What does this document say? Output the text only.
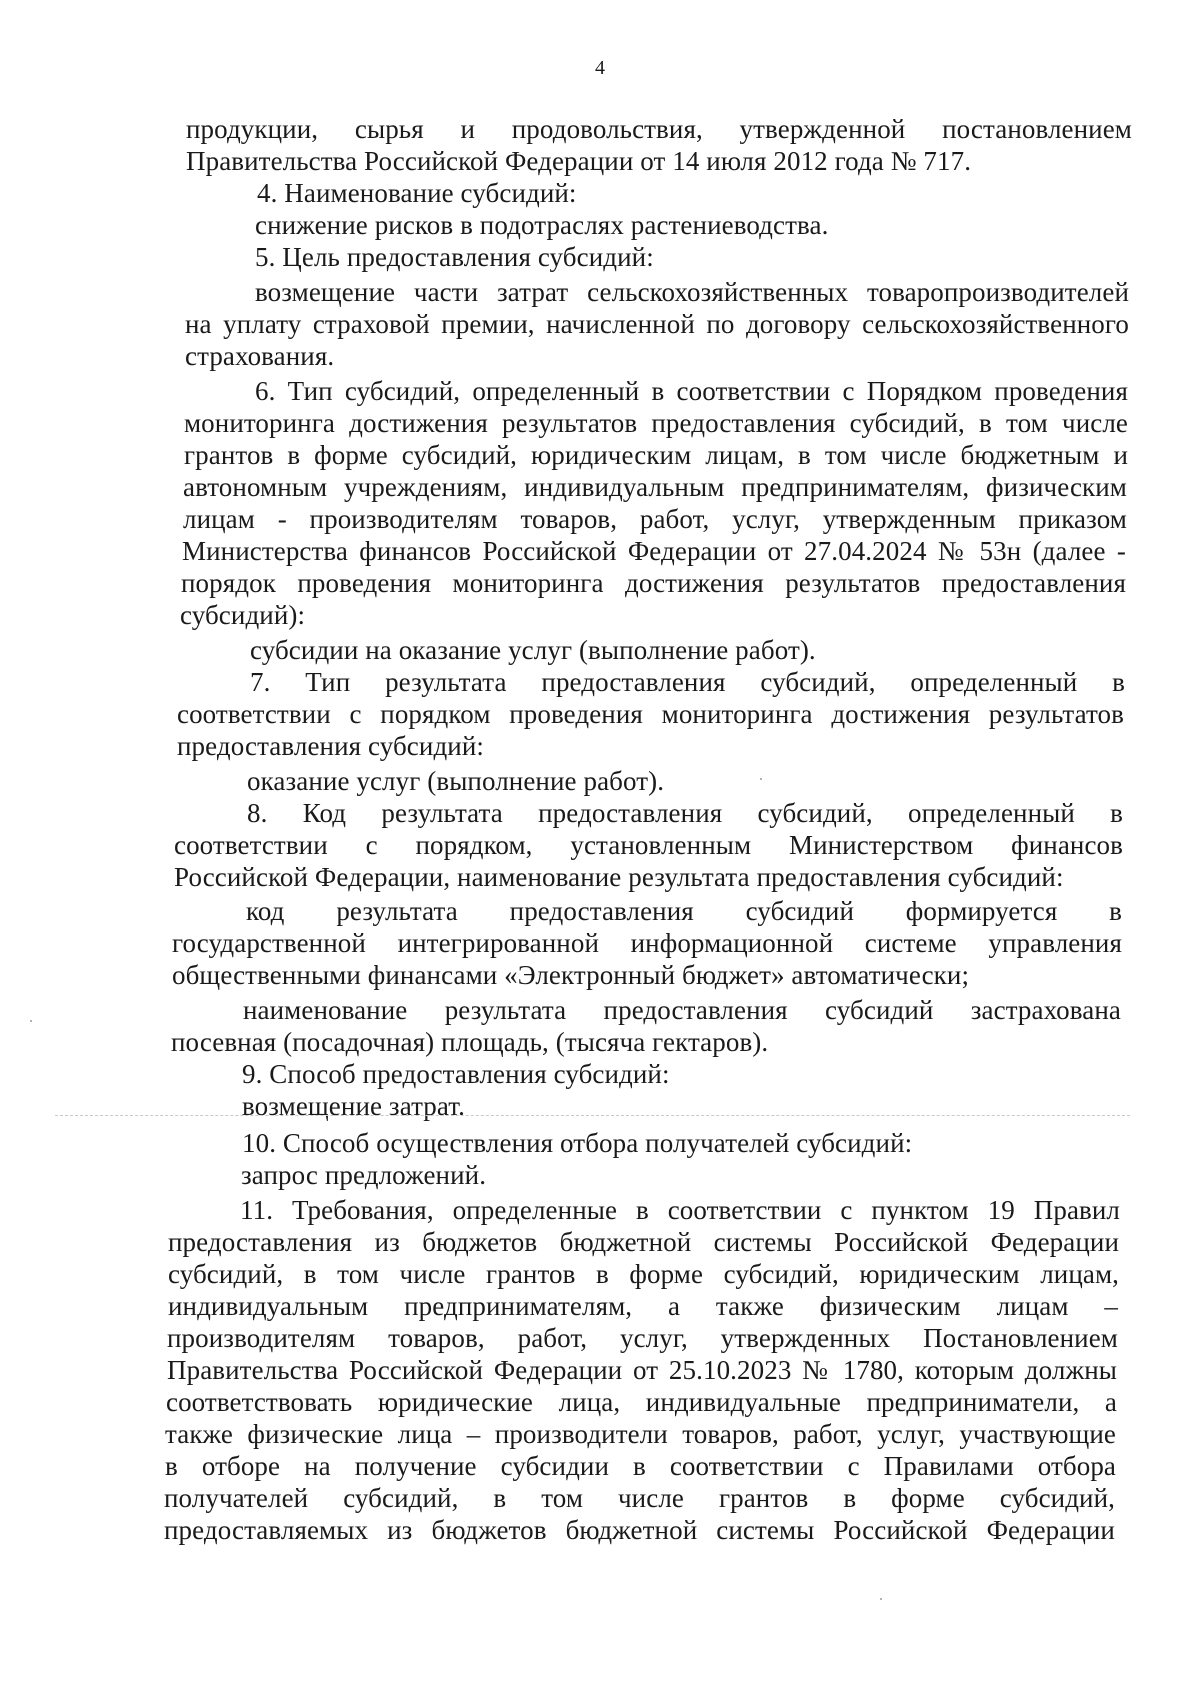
4
продукции, сырья и продовольствия, утвержденной постановлением
Правительства Российской Федерации от 14 июля 2012 года № 717.
4. Наименование субсидий:
снижение рисков в подотраслях растениеводства.
5. Цель предоставления субсидий:
возмещение части затрат сельскохозяйственных товаропроизводителей
на уплату страховой премии, начисленной по договору сельскохозяйственного
страхования.
6. Тип субсидий, определенный в соответствии с Порядком проведения
мониторинга достижения результатов предоставления субсидий, в том числе
грантов в форме субсидий, юридическим лицам, в том числе бюджетным и
автономным учреждениям, индивидуальным предпринимателям, физическим
лицам - производителям товаров, работ, услуг, утвержденным приказом
Министерства финансов Российской Федерации от 27.04.2024 № 53н (далее -
порядок проведения мониторинга достижения результатов предоставления
субсидий):
субсидии на оказание услуг (выполнение работ).
7. Тип результата предоставления субсидий, определенный в
соответствии с порядком проведения мониторинга достижения результатов
предоставления субсидий:
оказание услуг (выполнение работ).
8. Код результата предоставления субсидий, определенный в
соответствии с порядком, установленным Министерством финансов
Российской Федерации, наименование результата предоставления субсидий:
код результата предоставления субсидий формируется в
государственной интегрированной информационной системе управления
общественными финансами «Электронный бюджет» автоматически;
наименование результата предоставления субсидий застрахована
посевная (посадочная) площадь, (тысяча гектаров).
9. Способ предоставления субсидий:
возмещение затрат.
10. Способ осуществления отбора получателей субсидий:
запрос предложений.
11. Требования, определенные в соответствии с пунктом 19 Правил
предоставления из бюджетов бюджетной системы Российской Федерации
субсидий, в том числе грантов в форме субсидий, юридическим лицам,
индивидуальным предпринимателям, а также физическим лицам –
производителям товаров, работ, услуг, утвержденных Постановлением
Правительства Российской Федерации от 25.10.2023 № 1780, которым должны
соответствовать юридические лица, индивидуальные предприниматели, а
также физические лица – производители товаров, работ, услуг, участвующие
в отборе на получение субсидии в соответствии с Правилами отбора
получателей субсидий, в том числе грантов в форме субсидий,
предоставляемых из бюджетов бюджетной системы Российской Федерации
